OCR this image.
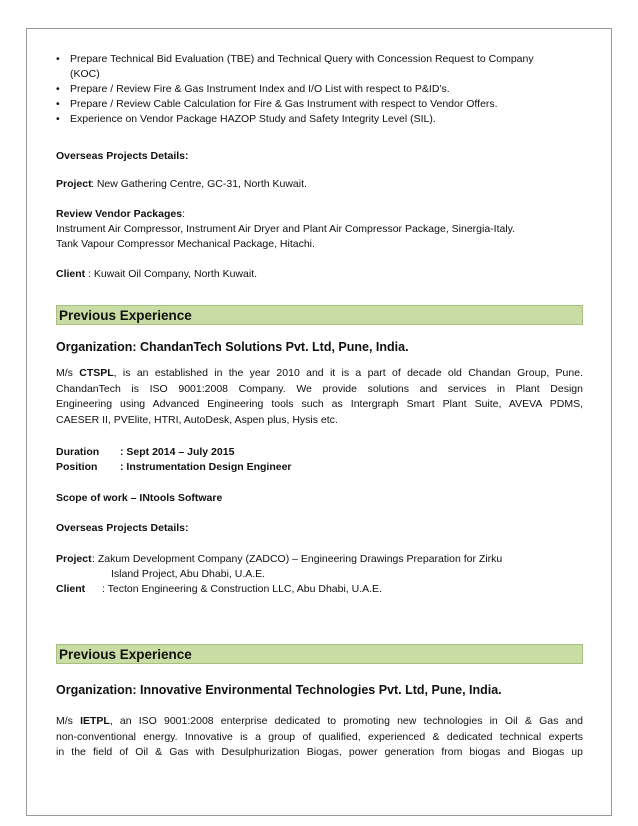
• Prepare Technical Bid Evaluation (TBE) and Technical Query with Concession Request to Company
(KOC)
• Prepare / Review Fire & Gas Instrument Index and I/O List with respect to P&ID’s.
• Prepare / Review Cable Calculation for Fire & Gas Instrument with respect to Vendor Offers.
• Experience on Vendor Package HAZOP Study and Safety Integrity Level (SIL).
Overseas Projects Details:
Project: New Gathering Centre, GC-31, North Kuwait.
Review Vendor Packages:
Instrument Air Compressor, Instrument Air Dryer and Plant Air Compressor Package, Sinergia-Italy.
Tank Vapour Compressor Mechanical Package, Hitachi.
Client : Kuwait Oil Company, North Kuwait.
Previous Experience
Organization: ChandanTech Solutions Pvt. Ltd, Pune, India.
M/s CTSPL, is an established in the year 2010 and it is a part of decade old Chandan Group, Pune.
ChandanTech is ISO 9001:2008 Company. We provide solutions and services in Plant Design
Engineering using Advanced Engineering tools such as Intergraph Smart Plant Suite, AVEVA PDMS,
CAESER II, PVElite, HTRI, AutoDesk, Aspen plus, Hysis etc.
Duration : Sept 2014 – July 2015
Position : Instrumentation Design Engineer
Scope of work – INtools Software
Overseas Projects Details:
Project: Zakum Development Company (ZADCO) – Engineering Drawings Preparation for Zirku
Island Project, Abu Dhabi, U.A.E.
Client : Tecton Engineering & Construction LLC, Abu Dhabi, U.A.E.
Previous Experience
Organization: Innovative Environmental Technologies Pvt. Ltd, Pune, India.
M/s IETPL, an ISO 9001:2008 enterprise dedicated to promoting new technologies in Oil & Gas and
non-conventional energy. Innovative is a group of qualified, experienced & dedicated technical experts
in the field of Oil & Gas with Desulphurization Biogas, power generation from biogas and Biogas up
